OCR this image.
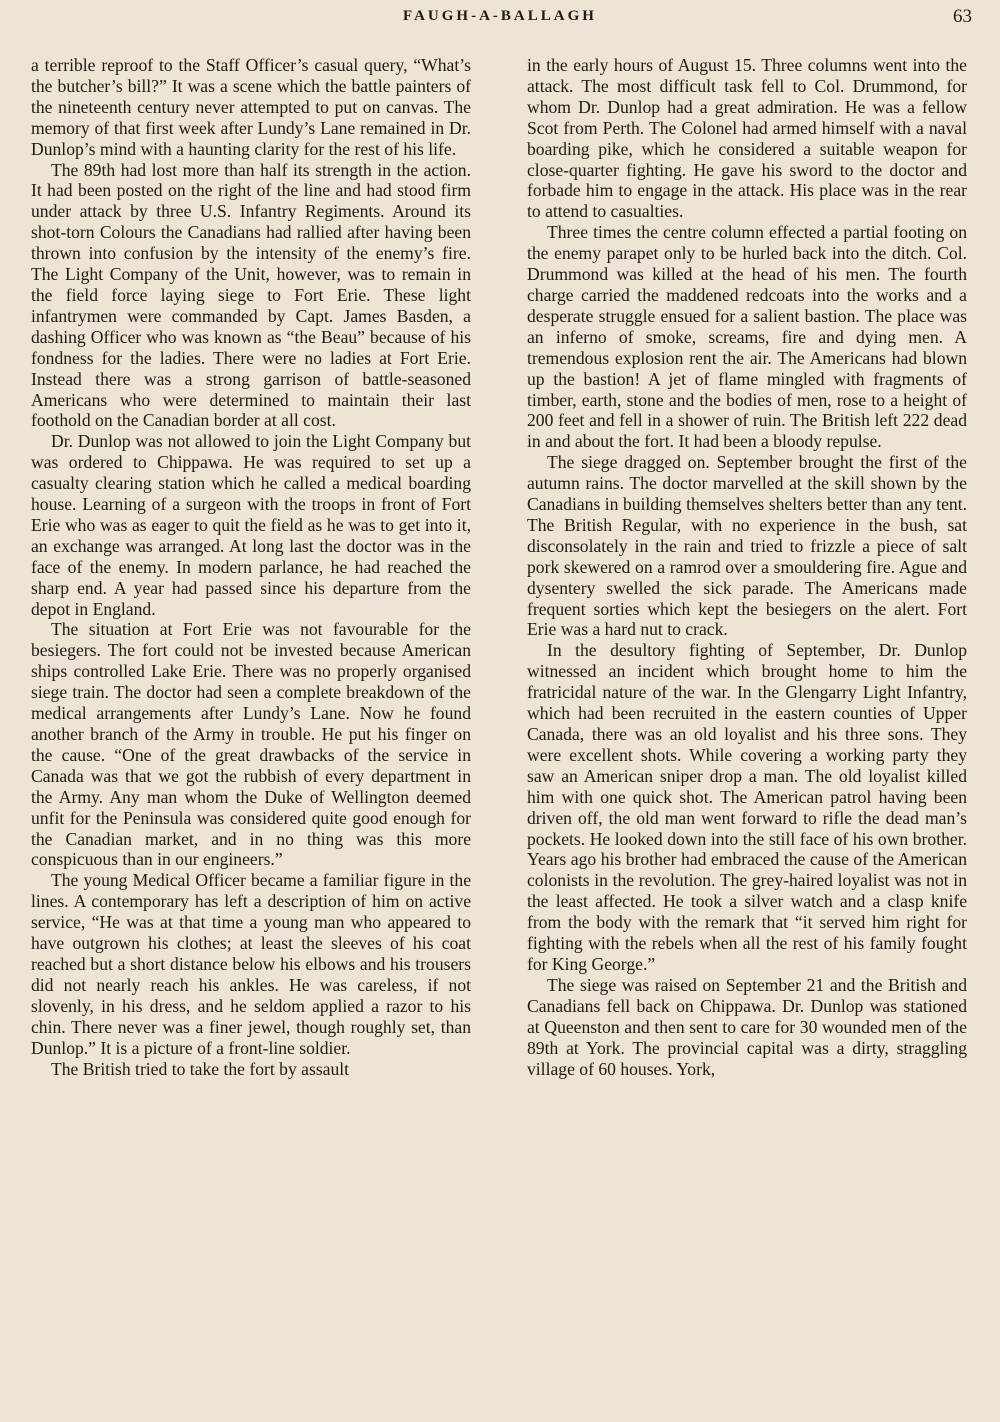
FAUGH-A-BALLAGH	63

a terrible reproof to the Staff Officer’s casual query, “What’s the butcher’s bill?” It was a scene which the battle painters of the nineteenth century never attempted to put on canvas. The memory of that first week after Lundy’s Lane remained in Dr. Dunlop’s mind with a haunting clarity for the rest of his life.

The 89th had lost more than half its strength in the action. It had been posted on the right of the line and had stood firm under attack by three U.S. Infantry Regiments. Around its shot-torn Colours the Canadians had rallied after having been thrown into confusion by the intensity of the enemy’s fire. The Light Company of the Unit, however, was to remain in the field force laying siege to Fort Erie. These light infantrymen were commanded by Capt. James Basden, a dashing Officer who was known as “the Beau” because of his fondness for the ladies. There were no ladies at Fort Erie. Instead there was a strong garrison of battle-seasoned Americans who were determined to maintain their last foothold on the Canadian border at all cost.

Dr. Dunlop was not allowed to join the Light Company but was ordered to Chippawa. He was required to set up a casualty clearing station which he called a medical boarding house. Learning of a surgeon with the troops in front of Fort Erie who was as eager to quit the field as he was to get into it, an exchange was arranged. At long last the doctor was in the face of the enemy. In modern parlance, he had reached the sharp end. A year had passed since his departure from the depot in England.

The situation at Fort Erie was not favourable for the besiegers. The fort could not be invested because American ships controlled Lake Erie. There was no properly organised siege train. The doctor had seen a complete breakdown of the medical arrangements after Lundy’s Lane. Now he found another branch of the Army in trouble. He put his finger on the cause. “One of the great drawbacks of the service in Canada was that we got the rubbish of every department in the Army. Any man whom the Duke of Wellington deemed unfit for the Peninsula was considered quite good enough for the Canadian market, and in no thing was this more conspicuous than in our engineers.”

The young Medical Officer became a familiar figure in the lines. A contemporary has left a description of him on active service, “He was at that time a young man who appeared to have outgrown his clothes; at least the sleeves of his coat reached but a short distance below his elbows and his trousers did not nearly reach his ankles. He was careless, if not slovenly, in his dress, and he seldom applied a razor to his chin. There never was a finer jewel, though roughly set, than Dunlop.” It is a picture of a front-line soldier.

The British tried to take the fort by assault

in the early hours of August 15. Three columns went into the attack. The most difficult task fell to Col. Drummond, for whom Dr. Dunlop had a great admiration. He was a fellow Scot from Perth. The Colonel had armed himself with a naval boarding pike, which he considered a suitable weapon for close-quarter fighting. He gave his sword to the doctor and forbade him to engage in the attack. His place was in the rear to attend to casualties.

Three times the centre column effected a partial footing on the enemy parapet only to be hurled back into the ditch. Col. Drummond was killed at the head of his men. The fourth charge carried the maddened redcoats into the works and a desperate struggle ensued for a salient bastion. The place was an inferno of smoke, screams, fire and dying men. A tremendous explosion rent the air. The Americans had blown up the bastion! A jet of flame mingled with fragments of timber, earth, stone and the bodies of men, rose to a height of 200 feet and fell in a shower of ruin. The British left 222 dead in and about the fort. It had been a bloody repulse.

The siege dragged on. September brought the first of the autumn rains. The doctor marvelled at the skill shown by the Canadians in building themselves shelters better than any tent. The British Regular, with no experience in the bush, sat disconsolately in the rain and tried to frizzle a piece of salt pork skewered on a ramrod over a smouldering fire. Ague and dysentery swelled the sick parade. The Americans made frequent sorties which kept the besiegers on the alert. Fort Erie was a hard nut to crack.

In the desultory fighting of September, Dr. Dunlop witnessed an incident which brought home to him the fratricidal nature of the war. In the Glengarry Light Infantry, which had been recruited in the eastern counties of Upper Canada, there was an old loyalist and his three sons. They were excellent shots. While covering a working party they saw an American sniper drop a man. The old loyalist killed him with one quick shot. The American patrol having been driven off, the old man went forward to rifle the dead man’s pockets. He looked down into the still face of his own brother. Years ago his brother had embraced the cause of the American colonists in the revolution. The grey-haired loyalist was not in the least affected. He took a silver watch and a clasp knife from the body with the remark that “it served him right for fighting with the rebels when all the rest of his family fought for King George.”

The siege was raised on September 21 and the British and Canadians fell back on Chippawa. Dr. Dunlop was stationed at Queenston and then sent to care for 30 wounded men of the 89th at York. The provincial capital was a dirty, straggling village of 60 houses. York,
